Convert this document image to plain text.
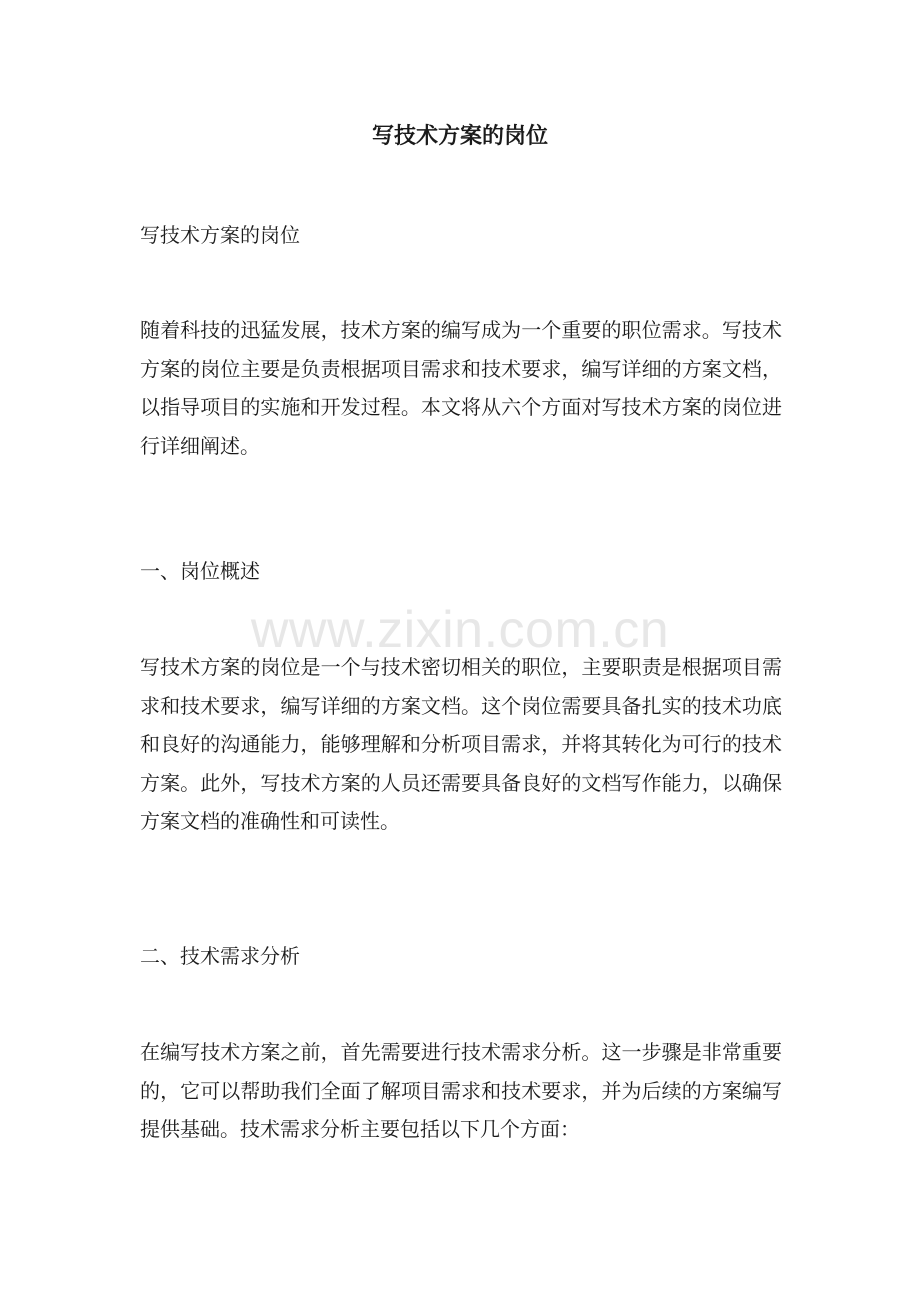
写技术方案的岗位

写技术方案的岗位

随着科技的迅猛发展，技术方案的编写成为一个重要的职位需求。写技术方案的岗位主要是负责根据项目需求和技术要求，编写详细的方案文档，以指导项目的实施和开发过程。本文将从六个方面对写技术方案的岗位进行详细阐述。

一、岗位概述

写技术方案的岗位是一个与技术密切相关的职位，主要职责是根据项目需求和技术要求，编写详细的方案文档。这个岗位需要具备扎实的技术功底和良好的沟通能力，能够理解和分析项目需求，并将其转化为可行的技术方案。此外，写技术方案的人员还需要具备良好的文档写作能力，以确保方案文档的准确性和可读性。

二、技术需求分析

在编写技术方案之前，首先需要进行技术需求分析。这一步骤是非常重要的，它可以帮助我们全面了解项目需求和技术要求，并为后续的方案编写提供基础。技术需求分析主要包括以下几个方面：

www.zixin.com.cn
